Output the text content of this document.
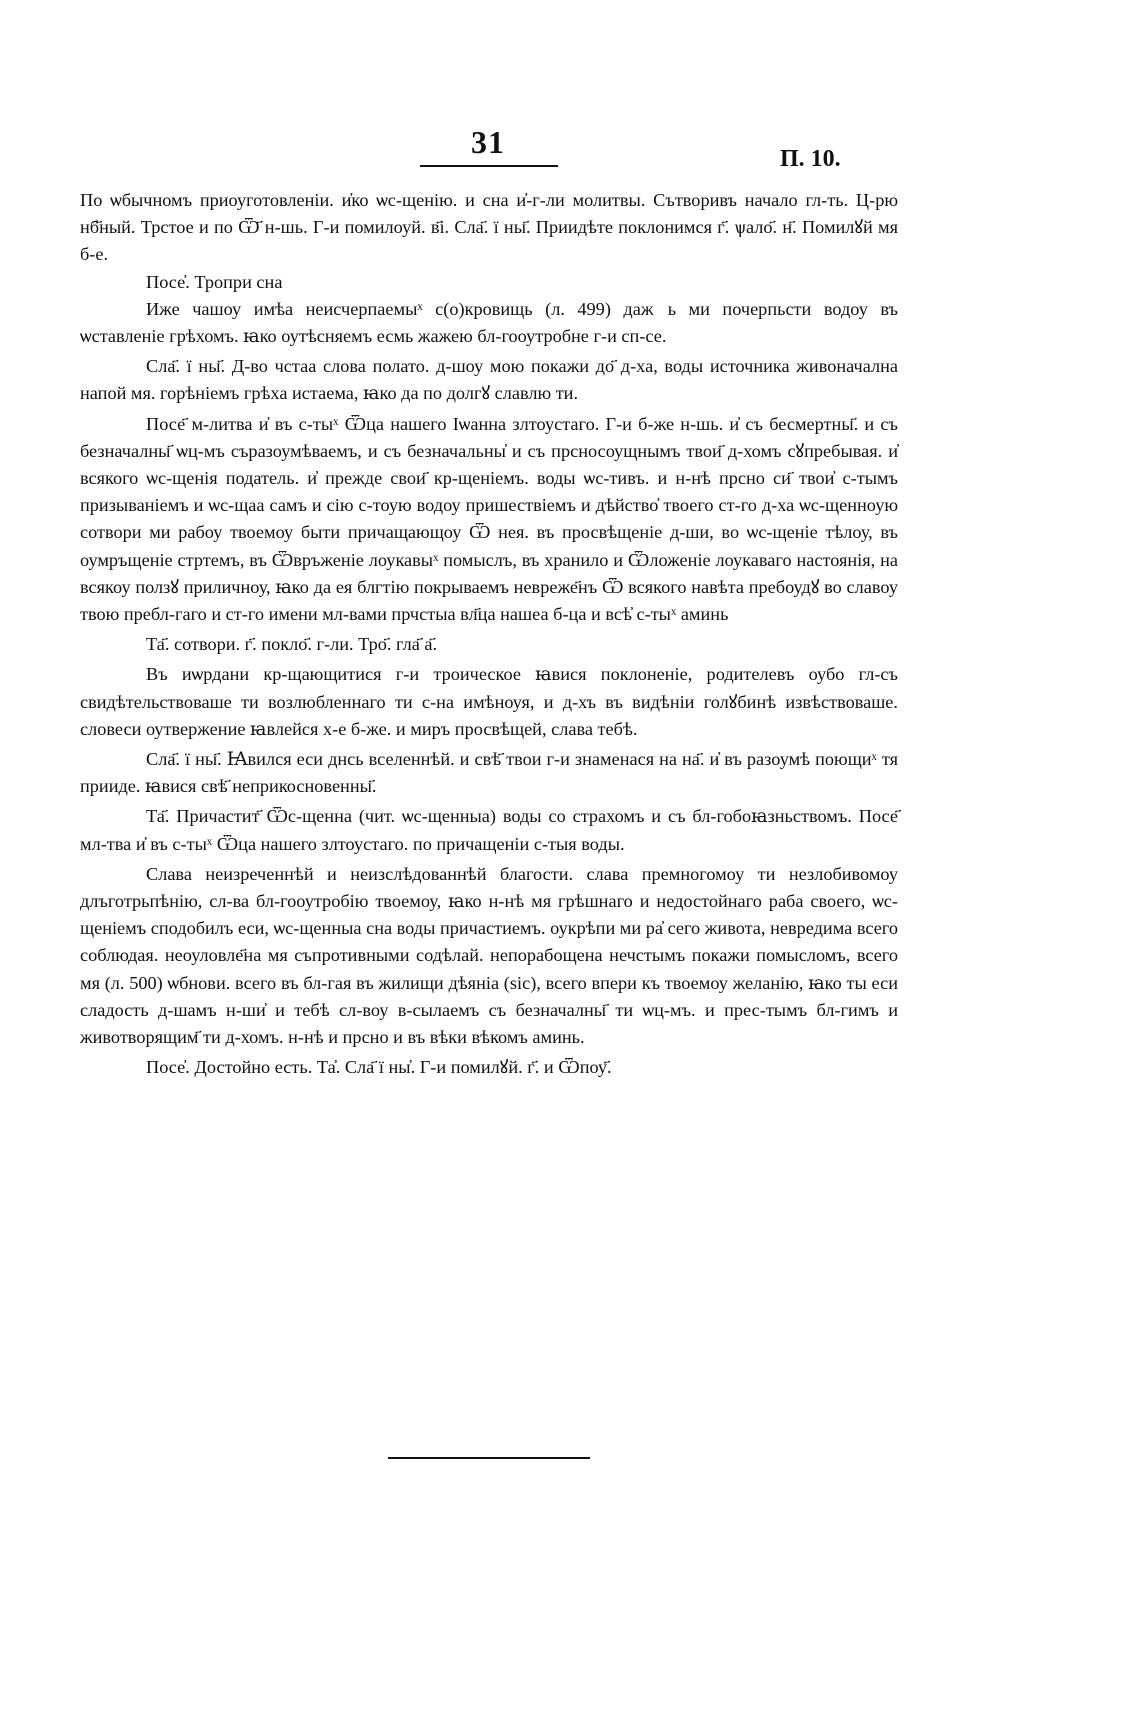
31	П. 10.

По ѡбычномъ приоуготовленiи. и҆ко ѡс-щенiю. и сна и҆-г-ли молитвы. Сътворивъ начало гл-ть. Ц-рю нб҃ный. Трстое и по Ѿ҃ н-шь. Г-и помилоуй. в҃i. Сла҃. ï ны҃. Приидѣте поклонимся г҃. ѱало҃. н҃. Помилꙋй мя б-е.

Посе҆. Тропри сна

Иже чашоу имѣа неисчерпаемыˣ с(о)кровищь (л. 499) дажⷣь ми почерпьсти водоу въ ѡставленiе грѣхомъ. ꙗко оутѣсняемъ есмь жажею бл-гооутробне г-и сп-се.

Сла҃. ï ны҃. Д-во чстаа слова полато. д-шоу мою покажи до҃ д-ха, воды источника живоначална напой мя. горѣнiемъ грѣха истаема, ꙗко да по долгꙋ славлю ти.

Посе҃ м-литва и҆ въ с-тыˣ Ѿца нашего Iѡанна злтоустаго. Г-и б-же н-шь. и҆ съ бесмертны҃. и съ безначалны҃ ѡц-мъ съразоумѣваемъ, и съ безначальны҆ и съ прсносоущнымъ твои҃ д-хомъ сꙋпребывая. и҆ всякого ѡс-щенiя податель. и҆ прежде свои҃ кр-щенiемъ. воды ѡс-тивъ. и н-нѣ прсно си҃ твои҆ с-тымъ призыванiемъ и ѡс-щаа самъ и сiю с-тоую водоу пришествiемъ и дѣйство҆ твоего ст-го д-ха ѡс-щенноую сотвори ми рабоу твоемоу быти причащающоу Ѿ нея. въ просвѣщенiе д-ши, во ѡс-щенiе тѣлоу, въ оумръщенiе стртемъ, въ Ѿвръженiе лоукавыˣ помыслъ, въ хранило и Ѿложенiе лоукаваго настоянiя, на всякоу ползꙋ приличноу, ꙗко да ея блгтiю покрываемъ невреже҃нъ Ѿ всякого навѣта пребоудꙋ во славоу твою пребл-гаго и ст-го имени мл-вами прчстыа вл҃ца нашеа б-ца и всѣ҆ с-тыˣ аминь

Та҃. сотвори. г҃. покло҃. г-ли. Тро҃. гла҃ а҃.

Въ иѡрдани кр-щающитися г-и троическое ꙗвися поклоненiе, родителевъ оубо гл-съ свидѣтельствоваше ти возлюбленнаго ти с-на имѣноуя, и д-хъ въ видѣнiи голꙋбинѣ извѣствоваше. словеси оутвержение ꙗвлейся х-е б-же. и миръ просвѣщей, слава тебѣ.

Сла҃. ï ны҃. Ꙗвился еси днсь вселеннѣй. и свѣ҃ твои г-и знаменася на на҃. и҆ въ разоумѣ поющиˣ тя прииде. ꙗвися свѣ҃ неприкосновенны҃.

Та҃. Причастит҃ Ѿс-щенна (чит. ѡс-щенныа) воды со страхомъ и съ бл-гобоꙗзньствомъ. Посе҃ мл-тва и҆ въ с-тыˣ Ѿца нашего злтоустаго. по причащенiи с-тыя воды.

Слава неизреченнѣй и неизслѣдованнѣй благости. слава премногомоу ти незлобивомоу длъготрьпѣнiю, сл-ва бл-гооутробiю твоемоу, ꙗко н-нѣ мя грѣшнаго и недостойнаго раба своего, ѡс-щенiемъ сподобилъ еси, ѡс-щенныа сна воды причастиемъ. оукрѣпи ми ра҆ сего живота, невредима всего соблюдая. неоуловле҃на мя съпротивными содѣлай. непорабощена нечстымъ покажи помысломъ, всего мя (л. 500) ѡбнови. всего въ бл-гая въ жилищи дѣянiа (sic), всего впери къ твоемоу желанiю, ꙗко ты еси сладость д-шамъ н-ши҆ и тебѣ сл-воу в-сылаемъ съ безначалны҃ ти ѡц-мъ. и прес-тымъ бл-гимъ и животворящим҃ ти д-хомъ. н-нѣ и прсно и въ вѣки вѣкомъ аминь.

Посе҆. Достойно есть. Та҆. Сла҃ ï ны҆. Г-и помилꙋй. г҃. и Ѿпоу҃.
